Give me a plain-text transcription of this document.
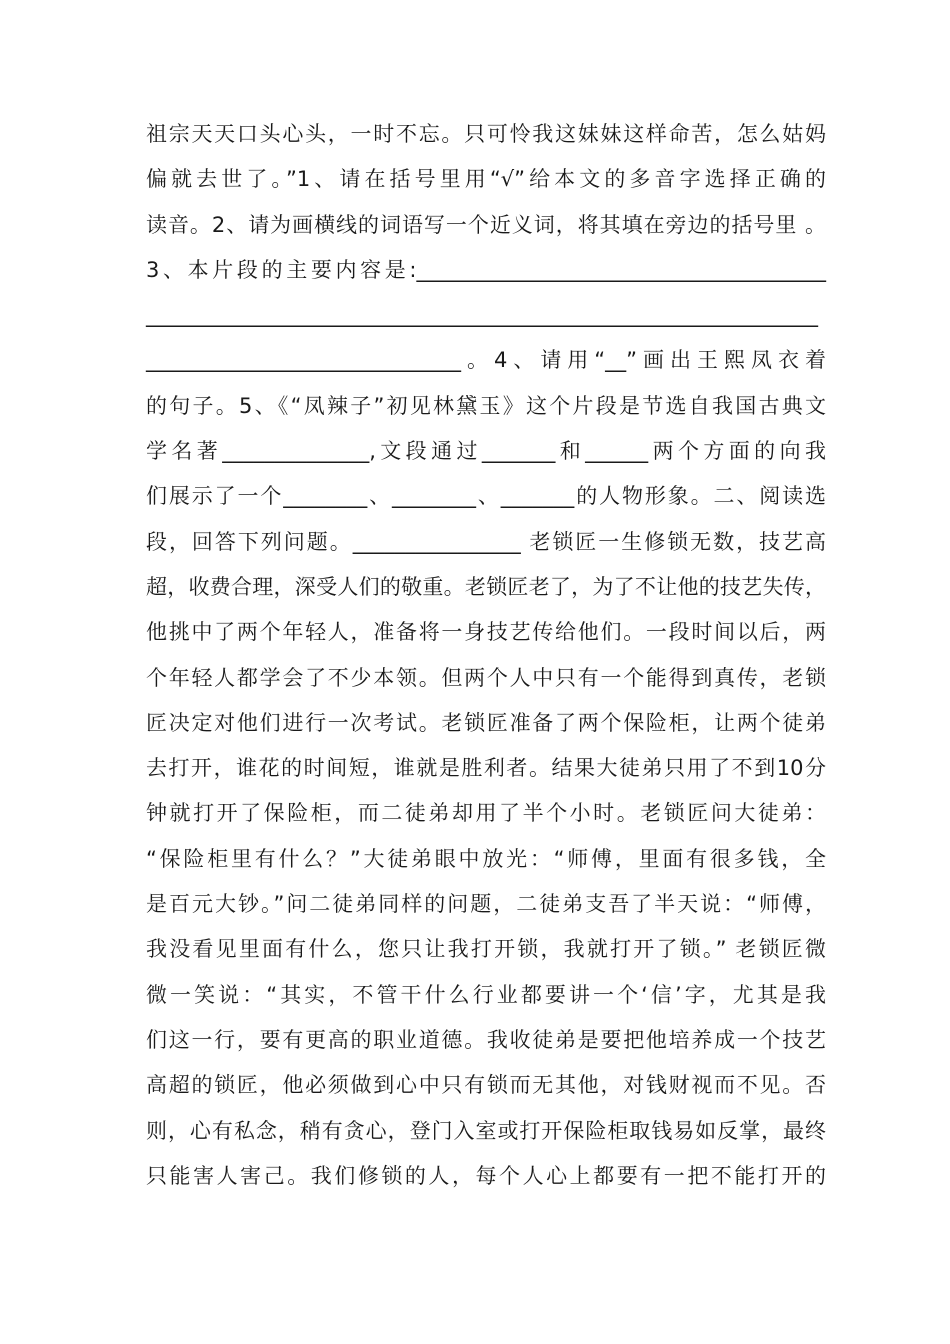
祖宗天天口头心头，一时不忘。只可怜我这妹妹这样命苦，怎么姑妈
偏就去世了。”1、请在括号里用“√”给本文的多音字选择正确的
读音。2、请为画横线的词语写一个近义词，将其填在旁边的括号里 。
3、本片段的主要内容是:_______________________________________
________________________________________________________________
______________________________。4、请用“__”画出王熙凤衣着
的句子。5、《“凤辣子”初见林黛玉》这个片段是节选自我国古典文
学名著______________,文段通过_______和______两个方面的向我
们展示了一个________、________、_______的人物形象。二、阅读选
段，回答下列问题。________________ 老锁匠一生修锁无数，技艺高
超，收费合理，深受人们的敬重。老锁匠老了，为了不让他的技艺失传，
他挑中了两个年轻人，准备将一身技艺传给他们。一段时间以后，两
个年轻人都学会了不少本领。但两个人中只有一个能得到真传，老锁
匠决定对他们进行一次考试。老锁匠准备了两个保险柜，让两个徒弟
去打开，谁花的时间短，谁就是胜利者。结果大徒弟只用了不到10分
钟就打开了保险柜，而二徒弟却用了半个小时。老锁匠问大徒弟：
“保险柜里有什么？”大徒弟眼中放光：“师傅，里面有很多钱，全
是百元大钞。”问二徒弟同样的问题，二徒弟支吾了半天说：“师傅，
我没看见里面有什么，您只让我打开锁，我就打开了锁。” 老锁匠微
微一笑说：“其实，不管干什么行业都要讲一个‘信’字，尤其是我
们这一行，要有更高的职业道德。我收徒弟是要把他培养成一个技艺
高超的锁匠，他必须做到心中只有锁而无其他，对钱财视而不见。否
则，心有私念，稍有贪心，登门入室或打开保险柜取钱易如反掌，最终
只能害人害己。我们修锁的人，每个人心上都要有一把不能打开的
